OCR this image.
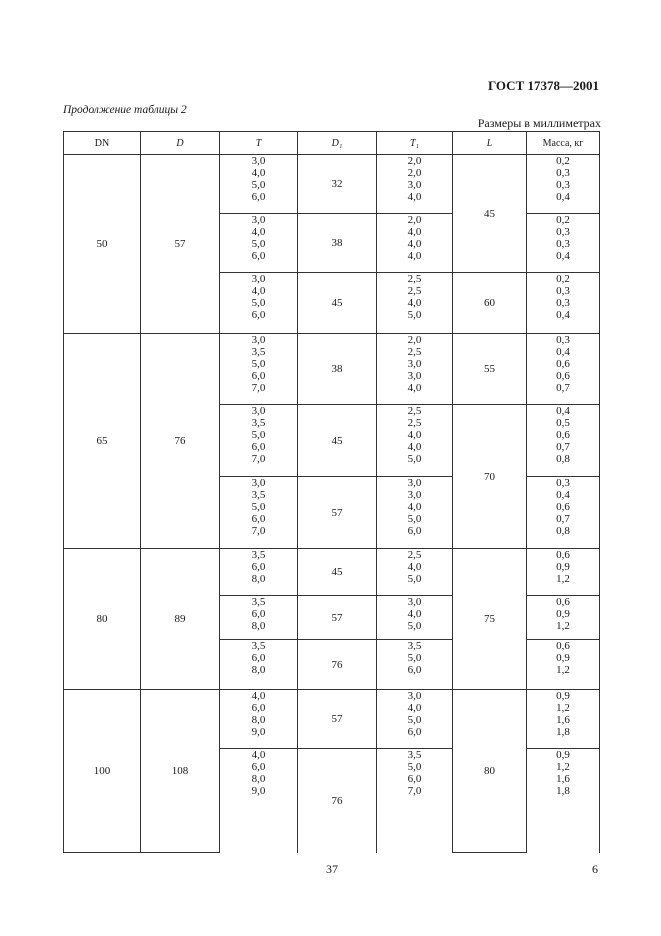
ГОСТ 17378—2001
Продолжение таблицы 2
Размеры в миллиметрах
DN	D	T	D₁	T₁	L	Масса, кг
50	57	3,0
4,0
5,0
6,0	32	2,0
2,0
3,0
4,0	45	0,2
0,3
0,3
0,4

		3,0
4,0
5,0
6,0	38	2,0
4,0
4,0
4,0		0,2
0,3
0,3
0,4

		3,0
4,0
5,0
6,0	45	2,5
2,5
4,0
5,0	60	0,2
0,3
0,3
0,4

65	76	3,0
3,5
5,0
6,0
7,0	38	2,0
2,5
3,0
3,0
4,0	55	0,3
0,4
0,6
0,6
0,7

		3,0
3,5
5,0
6,0
7,0	45	2,5
2,5
4,0
4,0
5,0	70	0,4
0,5
0,6
0,7
0,8

		3,0
3,5
5,0
6,0
7,0	57	3,0
3,0
4,0
5,0
6,0		0,3
0,4
0,6
0,7
0,8

80	89	3,5
6,0
8,0	45	2,5
4,0
5,0	75	0,6
0,9
1,2

		3,5
6,0
8,0	57	3,0
4,0
5,0		0,6
0,9
1,2

		3,5
6,0
8,0	76	3,5
5,0
6,0		0,6
0,9
1,2

100	108	4,0
6,0
8,0
9,0	57	3,0
4,0
5,0
6,0	80	0,9
1,2
1,6
1,8

		4,0
6,0
8,0
9,0	76	3,5
5,0
6,0
7,0		0,9
1,2
1,6
1,8
37	6
